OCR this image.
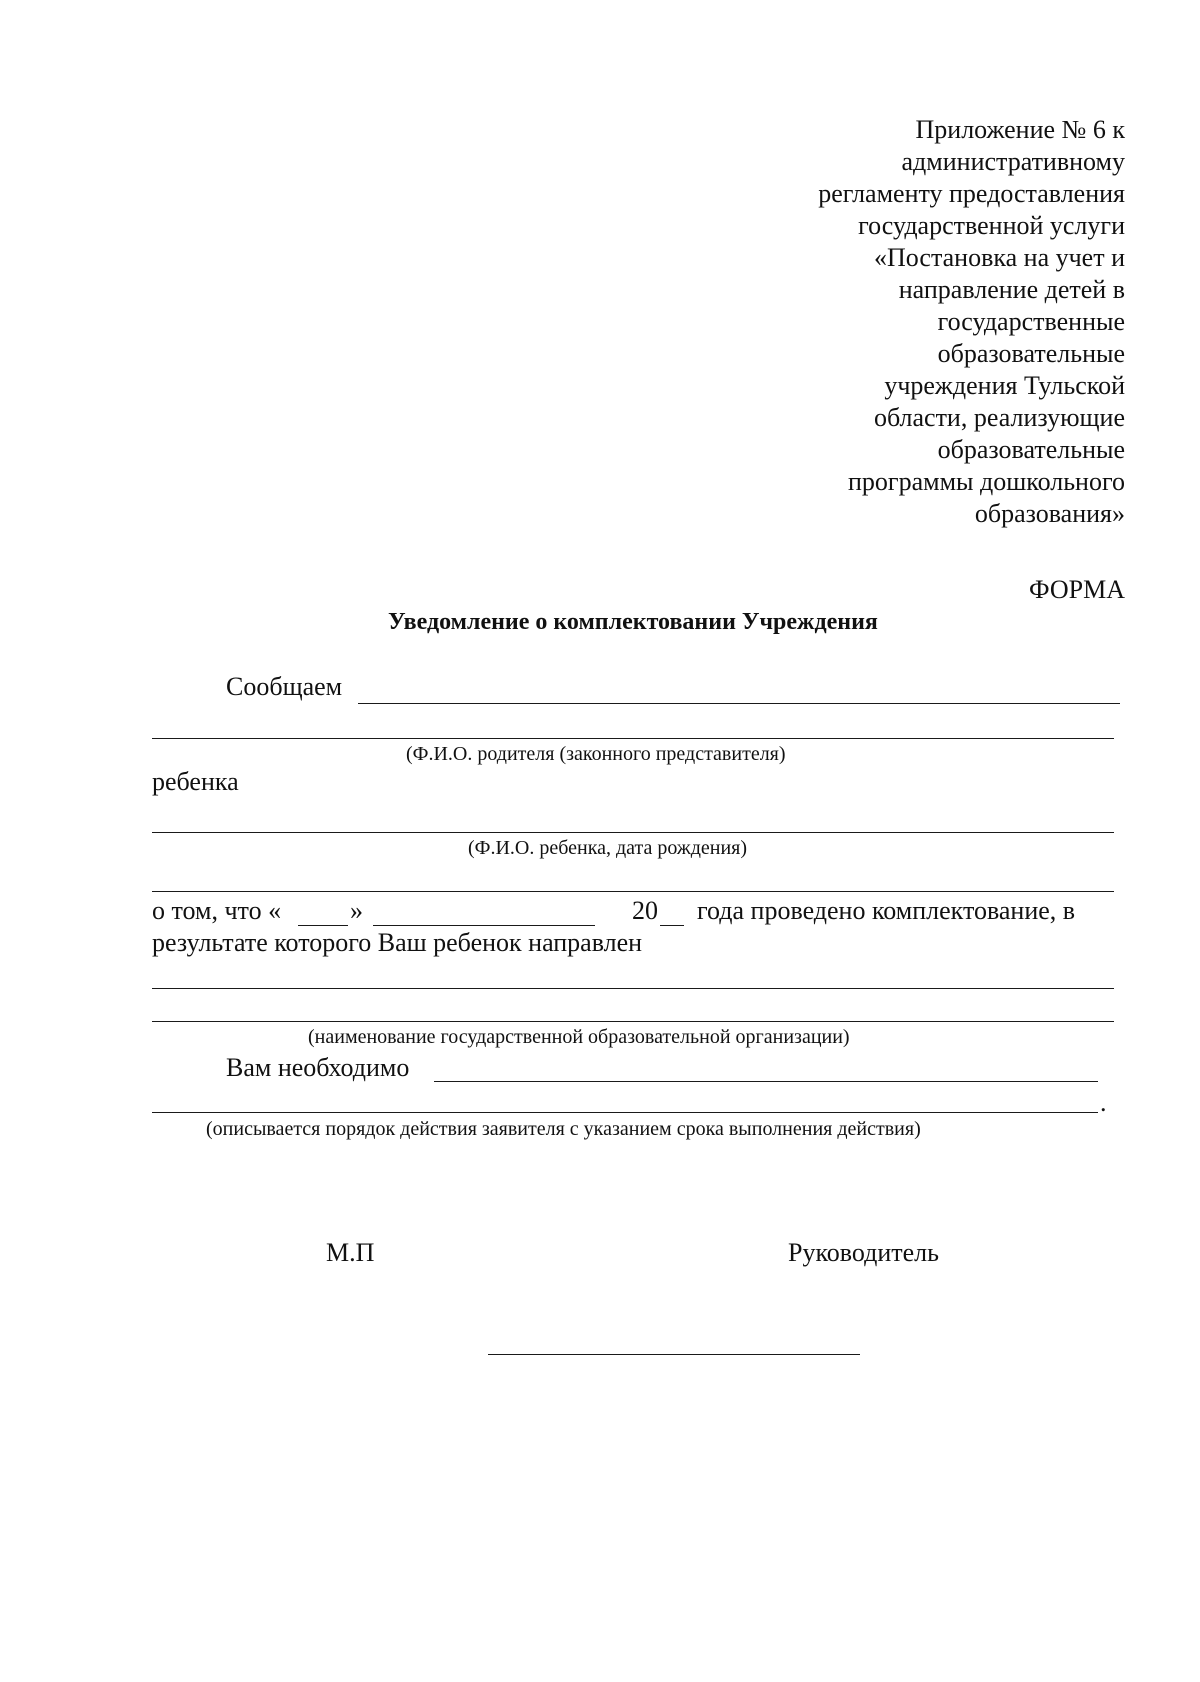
Приложение № 6 к
административному
регламенту предоставления
государственной услуги
«Постановка на учет и
направление детей в
государственные
образовательные
учреждения Тульской
области, реализующие
образовательные
программы дошкольного
образования»
ФОРМА
Уведомление о комплектовании Учреждения
Сообщаем
(Ф.И.О. родителя (законного представителя)
ребенка
(Ф.И.О. ребенка, дата рождения)
о том, что «	»	20 года проведено комплектование, в
результате которого Ваш ребенок направлен
(наименование государственной образовательной организации)
Вам необходимо
.
(описывается порядок действия заявителя с указанием срока выполнения действия)
М.П	Руководитель
